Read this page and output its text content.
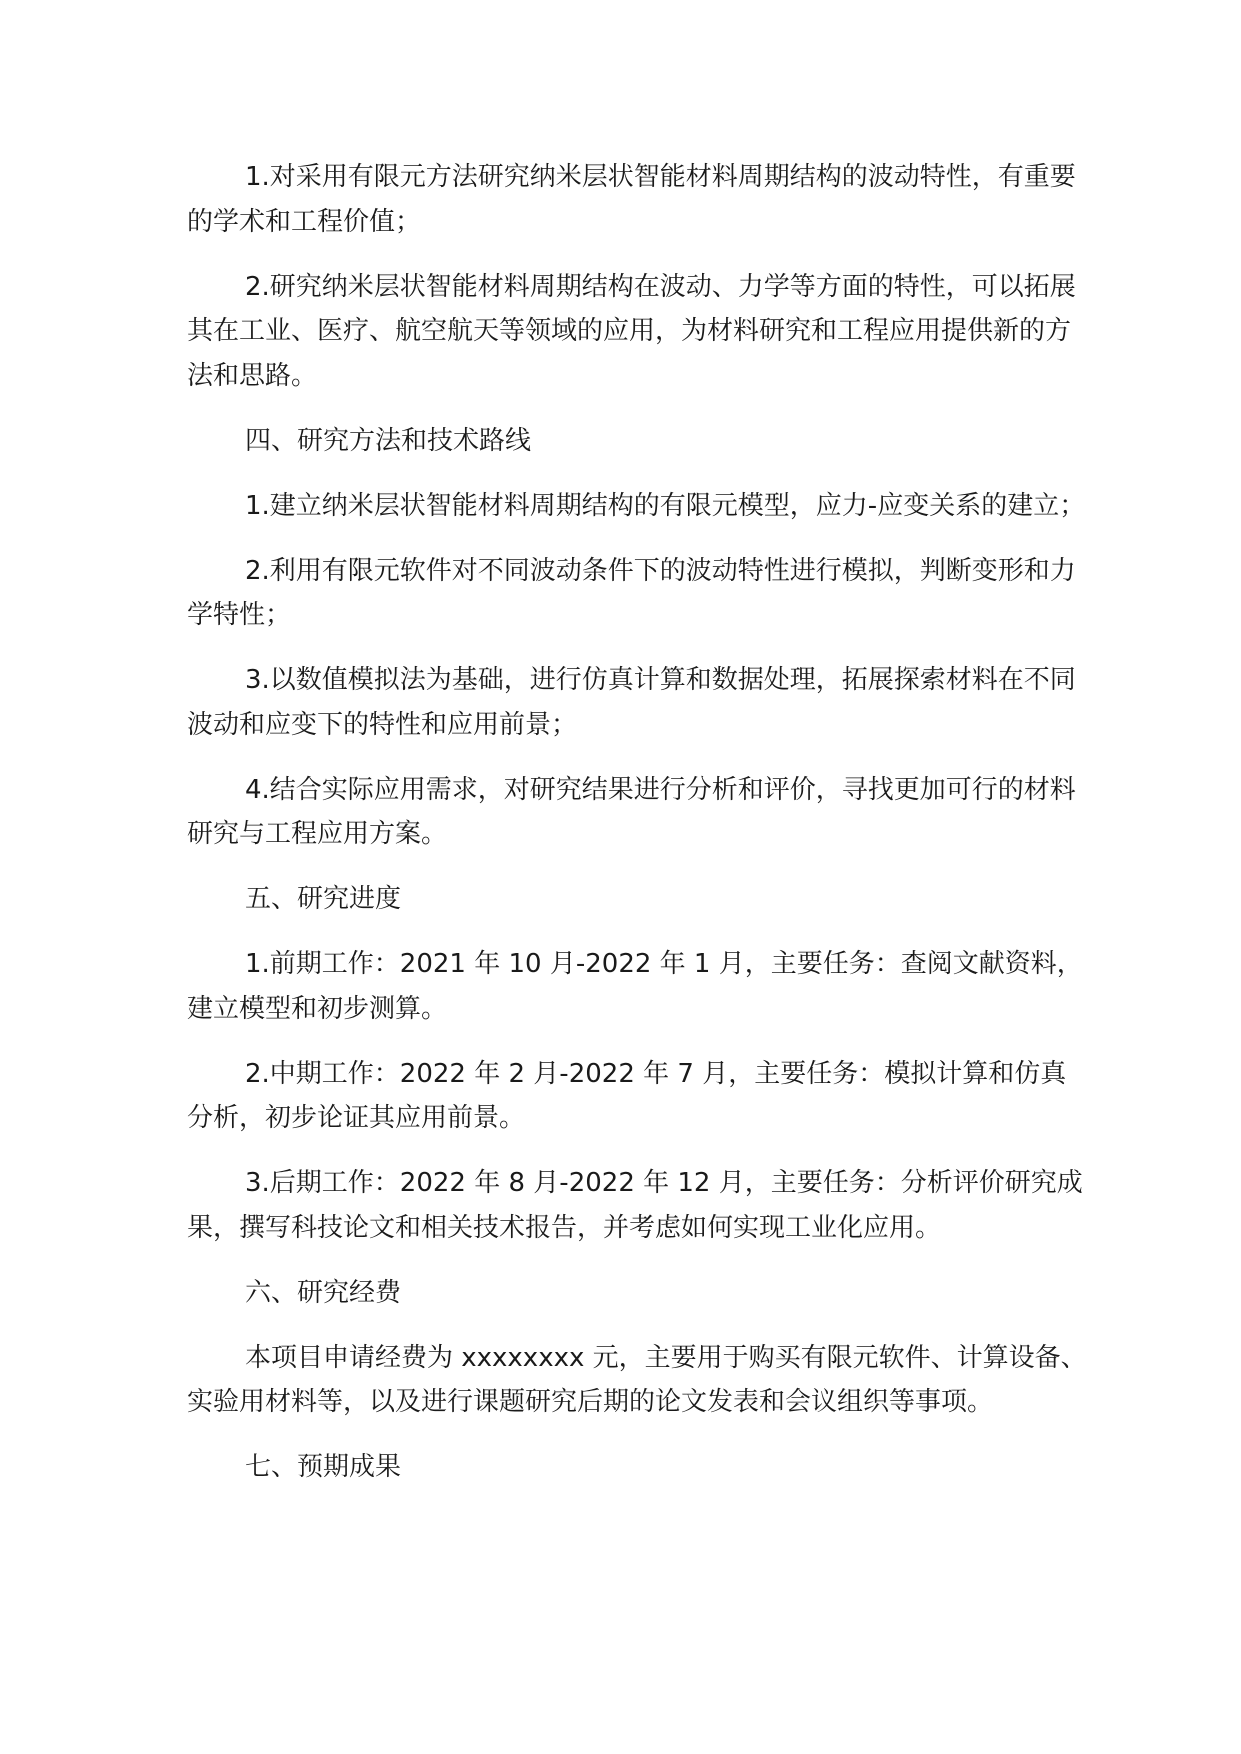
1.对采用有限元方法研究纳米层状智能材料周期结构的波动特性，有重要的学术和工程价值；

2.研究纳米层状智能材料周期结构在波动、力学等方面的特性，可以拓展其在工业、医疗、航空航天等领域的应用，为材料研究和工程应用提供新的方法和思路。

四、研究方法和技术路线

1.建立纳米层状智能材料周期结构的有限元模型，应力-应变关系的建立；

2.利用有限元软件对不同波动条件下的波动特性进行模拟，判断变形和力学特性；

3.以数值模拟法为基础，进行仿真计算和数据处理，拓展探索材料在不同波动和应变下的特性和应用前景；

4.结合实际应用需求，对研究结果进行分析和评价，寻找更加可行的材料研究与工程应用方案。

五、研究进度

1.前期工作：2021 年 10 月-2022 年 1 月，主要任务：查阅文献资料，建立模型和初步测算。

2.中期工作：2022 年 2 月-2022 年 7 月，主要任务：模拟计算和仿真分析，初步论证其应用前景。

3.后期工作：2022 年 8 月-2022 年 12 月，主要任务：分析评价研究成果，撰写科技论文和相关技术报告，并考虑如何实现工业化应用。

六、研究经费

本项目申请经费为 xxxxxxxx 元，主要用于购买有限元软件、计算设备、实验用材料等，以及进行课题研究后期的论文发表和会议组织等事项。

七、预期成果
